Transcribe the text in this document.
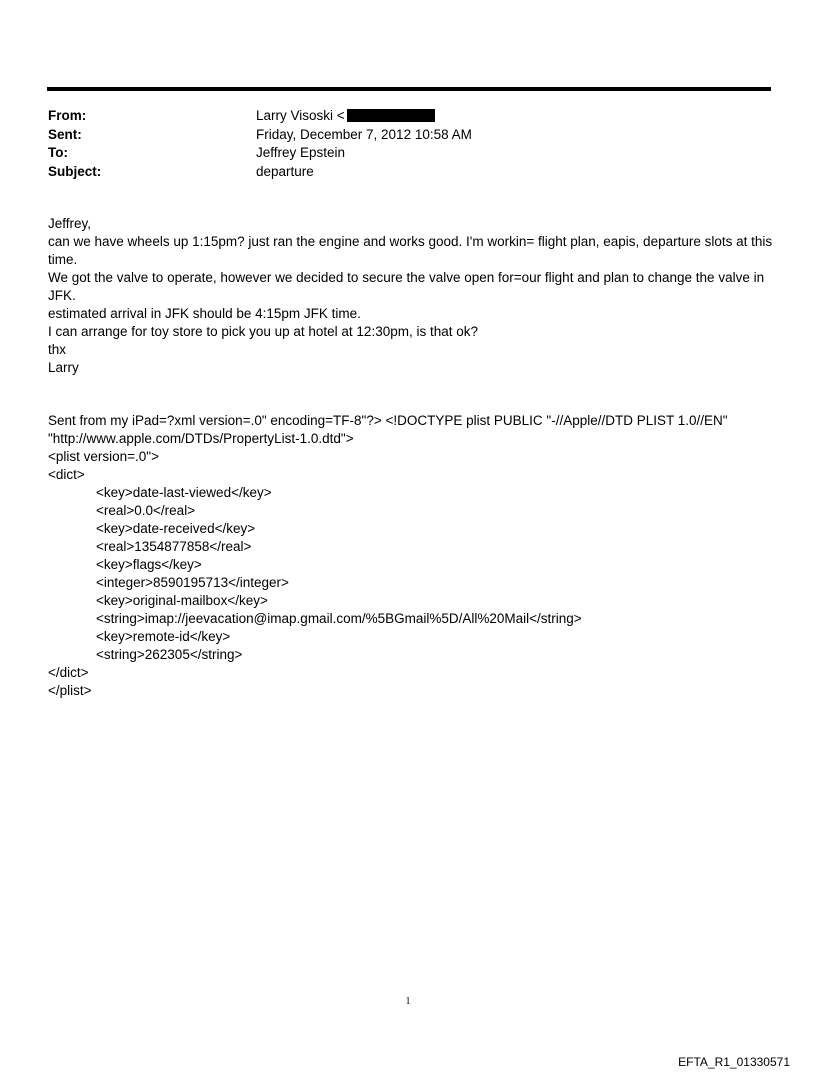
From:	Larry Visoski <
Sent:	Friday, December 7, 2012 10:58 AM
To:	Jeffrey Epstein
Subject:	departure

Jeffrey,

can we have wheels up 1:15pm? just ran the engine and works good. I'm workin= flight plan, eapis, departure slots at this time.

We got the valve to operate, however we decided to secure the valve open for=our flight and plan to change the valve in JFK.

estimated arrival in JFK should be 4:15pm JFK time.

I can arrange for toy store to pick you up at hotel at 12:30pm, is that ok?

thx

Larry

Sent from my iPad=?xml version=.0" encoding=TF-8"?> <!DOCTYPE plist PUBLIC "-//Apple//DTD PLIST 1.0//EN"

"http://www.apple.com/DTDs/PropertyList-1.0.dtd">

<plist version=.0">

<dict>

<key>date-last-viewed</key>

<real>0.0</real>

<key>date-received</key>

<real>1354877858</real>

<key>flags</key>

<integer>8590195713</integer>

<key>original-mailbox</key>

<string>imap://jeevacation@imap.gmail.com/%5BGmail%5D/All%20Mail</string>

<key>remote-id</key>

<string>262305</string>

</dict>

</plist>

1
EFTA_R1_01330571
